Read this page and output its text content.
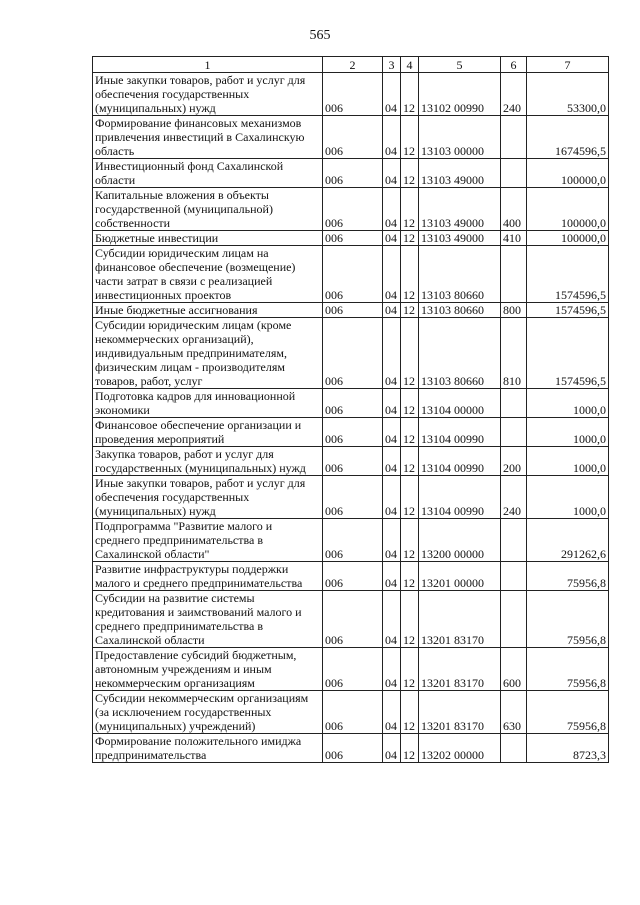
565
1	2	3	4	5	6	7
Иные закупки товаров, работ и услуг для обеспечения государственных (муниципальных) нужд	006	04	12	13102 00990	240	53300,0
Формирование финансовых механизмов привлечения инвестиций в Сахалинскую область	006	04	12	13103 00000		1674596,5
Инвестиционный фонд Сахалинской области	006	04	12	13103 49000		100000,0
Капитальные вложения в объекты государственной (муниципальной) собственности	006	04	12	13103 49000	400	100000,0
Бюджетные инвестиции	006	04	12	13103 49000	410	100000,0
Субсидии юридическим лицам на финансовое обеспечение (возмещение) части затрат в связи с реализацией инвестиционных проектов	006	04	12	13103 80660		1574596,5
Иные бюджетные ассигнования	006	04	12	13103 80660	800	1574596,5
Субсидии юридическим лицам (кроме некоммерческих организаций), индивидуальным предпринимателям, физическим лицам - производителям товаров, работ, услуг	006	04	12	13103 80660	810	1574596,5
Подготовка кадров для инновационной экономики	006	04	12	13104 00000		1000,0
Финансовое обеспечение организации и проведения мероприятий	006	04	12	13104 00990		1000,0
Закупка товаров, работ и услуг для государственных (муниципальных) нужд	006	04	12	13104 00990	200	1000,0
Иные закупки товаров, работ и услуг для обеспечения государственных (муниципальных) нужд	006	04	12	13104 00990	240	1000,0
Подпрограмма "Развитие малого и среднего предпринимательства в Сахалинской области"	006	04	12	13200 00000		291262,6
Развитие инфраструктуры поддержки малого и среднего предпринимательства	006	04	12	13201 00000		75956,8
Субсидии на развитие системы кредитования и заимствований малого и среднего предпринимательства в Сахалинской области	006	04	12	13201 83170		75956,8
Предоставление субсидий бюджетным, автономным учреждениям и иным некоммерческим организациям	006	04	12	13201 83170	600	75956,8
Субсидии некоммерческим организациям (за исключением государственных (муниципальных) учреждений)	006	04	12	13201 83170	630	75956,8
Формирование положительного имиджа предпринимательства	006	04	12	13202 00000		8723,3
